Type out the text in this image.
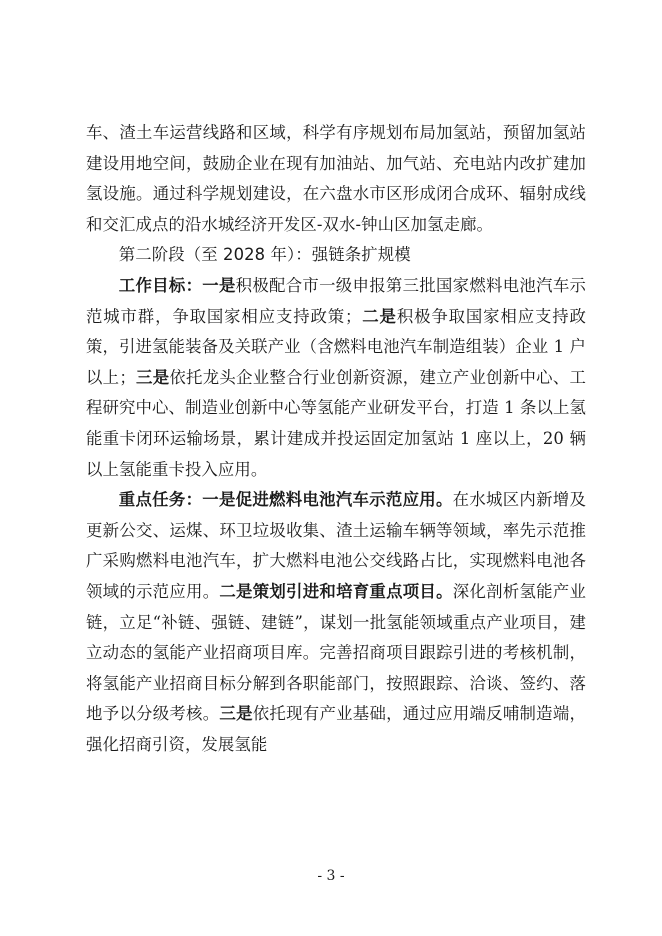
车、渣土车运营线路和区域，科学有序规划布局加氢站，预留加氢站建设用地空间，鼓励企业在现有加油站、加气站、充电站内改扩建加氢设施。通过科学规划建设，在六盘水市区形成闭合成环、辐射成线和交汇成点的沿水城经济开发区-双水-钟山区加氢走廊。

第二阶段（至 2028 年）：强链条扩规模

工作目标：一是积极配合市一级申报第三批国家燃料电池汽车示范城市群，争取国家相应支持政策；二是积极争取国家相应支持政策，引进氢能装备及关联产业（含燃料电池汽车制造组装）企业 1 户以上；三是依托龙头企业整合行业创新资源，建立产业创新中心、工程研究中心、制造业创新中心等氢能产业研发平台，打造 1 条以上氢能重卡闭环运输场景，累计建成并投运固定加氢站 1 座以上，20 辆以上氢能重卡投入应用。

重点任务：一是促进燃料电池汽车示范应用。在水城区内新增及更新公交、运煤、环卫垃圾收集、渣土运输车辆等领域，率先示范推广采购燃料电池汽车，扩大燃料电池公交线路占比，实现燃料电池各领域的示范应用。二是策划引进和培育重点项目。深化剖析氢能产业链，立足“补链、强链、建链”，谋划一批氢能领域重点产业项目，建立动态的氢能产业招商项目库。完善招商项目跟踪引进的考核机制，将氢能产业招商目标分解到各职能部门，按照跟踪、洽谈、签约、落地予以分级考核。三是依托现有产业基础，通过应用端反哺制造端，强化招商引资，发展氢能

- 3 -
